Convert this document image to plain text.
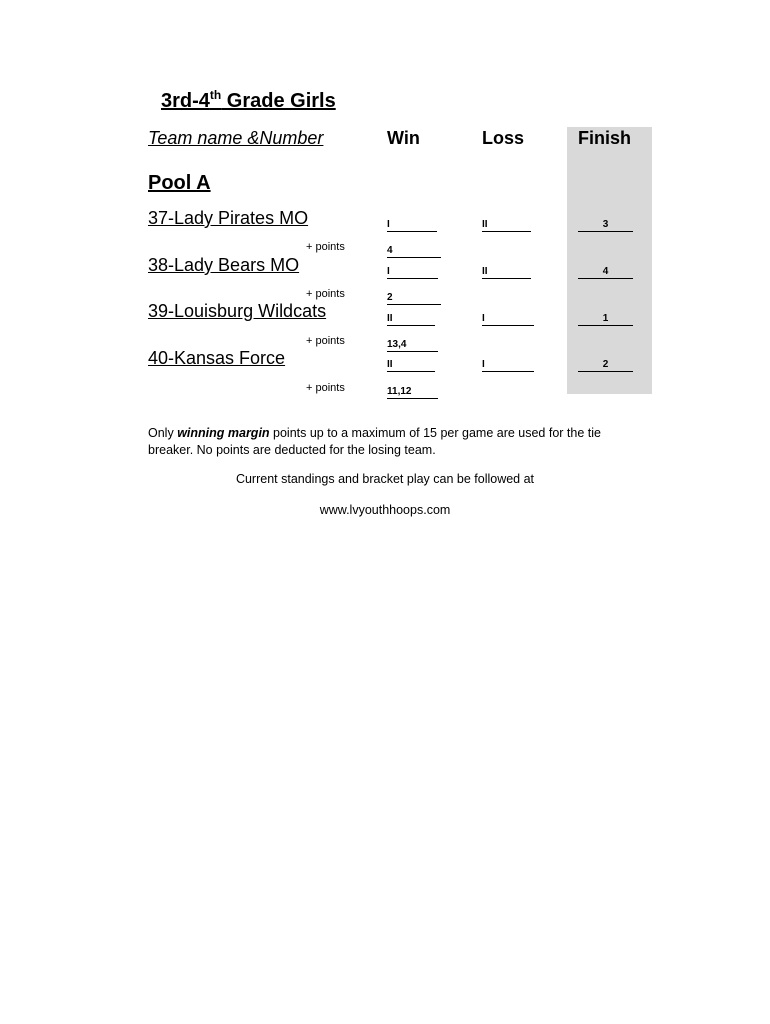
3rd-4th Grade Girls
Team name &Number	Win	Loss	Finish
Pool A
37-Lady Pirates MO	I	II	3
+ points	4
38-Lady Bears MO	I	II	4
+ points	2
39-Louisburg Wildcats	II	I	1
+ points	13,4
40-Kansas Force	II	I	2
+ points	11,12
Only winning margin points up to a maximum of 15 per game are used for the tie breaker. No points are deducted for the losing team.
Current standings and bracket play can be followed at
www.lvyouthhoops.com
